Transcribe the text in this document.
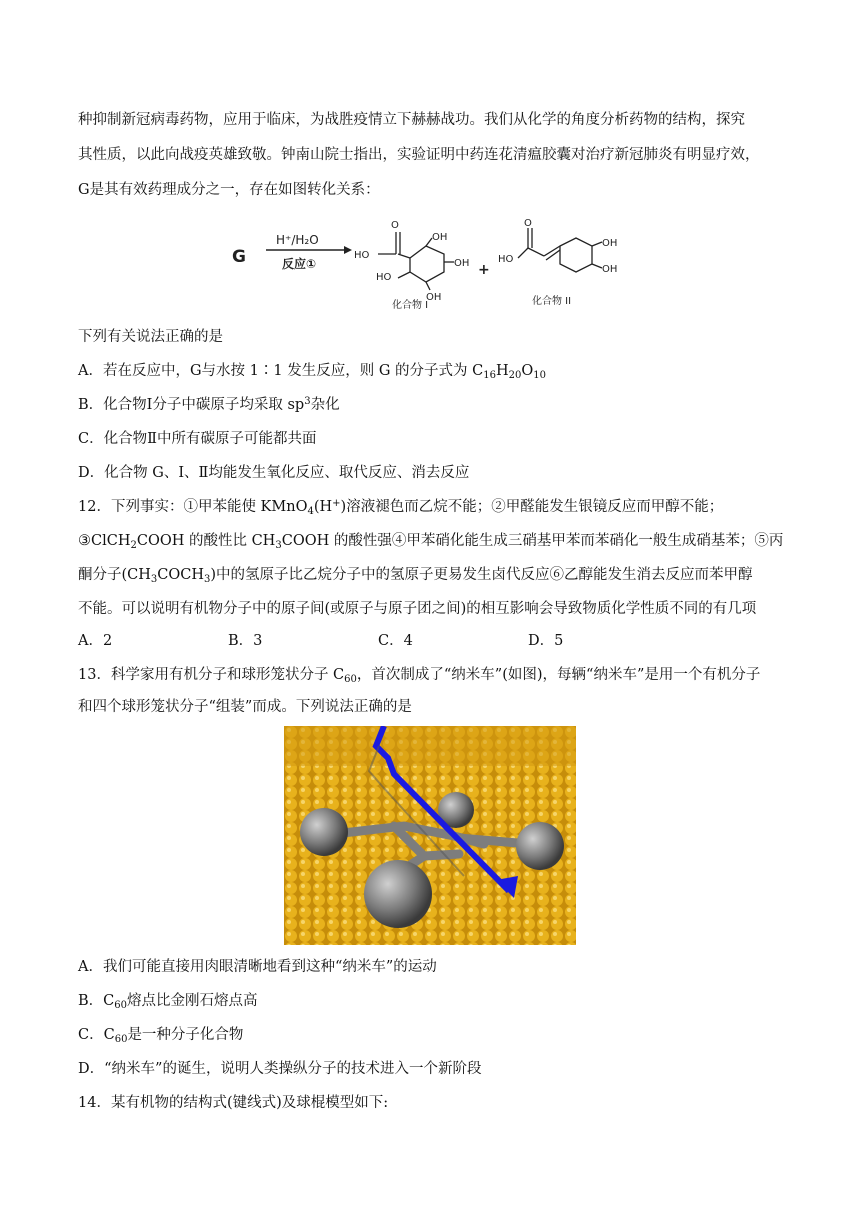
种抑制新冠病毒药物，应用于临床，为战胜疫情立下赫赫战功。我们从化学的角度分析药物的结构，探究
其性质，以此向战疫英雄致敬。钟南山院士指出，实验证明中药连花清瘟胶囊对治疗新冠肺炎有明显疗效，
G是其有效药理成分之一，存在如图转化关系：
G
H⁺/H₂O
反应①
O
HO
OH
OH
OH
HO
化合物 I
+
O
HO
OH
OH
化合物 II
下列有关说法正确的是
A．若在反应中，G与水按 1∶1 发生反应，则 G 的分子式为 $C_{16}H_{20}O_{10}$
B．化合物Ⅰ分子中碳原子均采取 $sp^3$杂化
C．化合物Ⅱ中所有碳原子可能都共面
D．化合物 G、Ⅰ、Ⅱ均能发生氧化反应、取代反应、消去反应
12．下列事实：①甲苯能使 KMnO$_4$(H+)溶液褪色而乙烷不能；②甲醛能发生银镜反应而甲醇不能；
③ClCH$_2$COOH 的酸性比 $CH_3COOH$ 的酸性强④甲苯硝化能生成三硝基甲苯而苯硝化一般生成硝基苯；⑤丙
酮分子$(CH_3COCH_3)$中的氢原子比乙烷分子中的氢原子更易发生卤代反应⑥乙醇能发生消去反应而苯甲醇
不能。可以说明有机物分子中的原子间(或原子与原子团之间)的相互影响会导致物质化学性质不同的有几项
A．2	B．3	C．4	D．5
13．科学家用有机分子和球形笼状分子 $C_{60}$，首次制成了“纳米车”(如图)，每辆“纳米车”是用一个有机分子
和四个球形笼状分子“组装”而成。下列说法正确的是
A．我们可能直接用肉眼清晰地看到这种“纳米车”的运动
B．$C_{60}$熔点比金刚石熔点高
C．$C_{60}$是一种分子化合物
D．“纳米车”的诞生，说明人类操纵分子的技术进入一个新阶段
14．某有机物的结构式(键线式)及球棍模型如下:
